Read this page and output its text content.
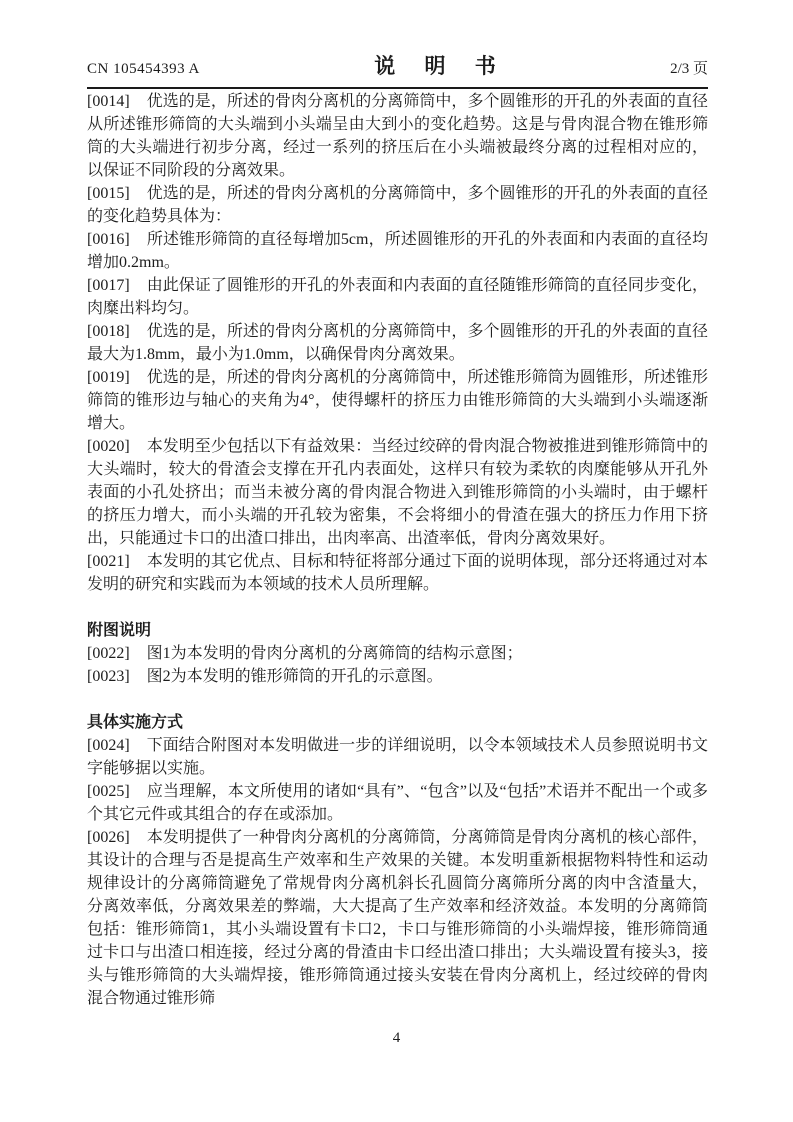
CN 105454393 A	说 明 书	2/3 页

[0014] 优选的是，所述的骨肉分离机的分离筛筒中，多个圆锥形的开孔的外表面的直径从所述锥形筛筒的大头端到小头端呈由大到小的变化趋势。这是与骨肉混合物在锥形筛筒的大头端进行初步分离，经过一系列的挤压后在小头端被最终分离的过程相对应的，以保证不同阶段的分离效果。

[0015] 优选的是，所述的骨肉分离机的分离筛筒中，多个圆锥形的开孔的外表面的直径的变化趋势具体为：

[0016] 所述锥形筛筒的直径每增加5cm，所述圆锥形的开孔的外表面和内表面的直径均增加0.2mm。

[0017] 由此保证了圆锥形的开孔的外表面和内表面的直径随锥形筛筒的直径同步变化，肉糜出料均匀。

[0018] 优选的是，所述的骨肉分离机的分离筛筒中，多个圆锥形的开孔的外表面的直径最大为1.8mm，最小为1.0mm，以确保骨肉分离效果。

[0019] 优选的是，所述的骨肉分离机的分离筛筒中，所述锥形筛筒为圆锥形，所述锥形筛筒的锥形边与轴心的夹角为4°，使得螺杆的挤压力由锥形筛筒的大头端到小头端逐渐增大。

[0020] 本发明至少包括以下有益效果：当经过绞碎的骨肉混合物被推进到锥形筛筒中的大头端时，较大的骨渣会支撑在开孔内表面处，这样只有较为柔软的肉糜能够从开孔外表面的小孔处挤出；而当未被分离的骨肉混合物进入到锥形筛筒的小头端时，由于螺杆的挤压力增大，而小头端的开孔较为密集，不会将细小的骨渣在强大的挤压力作用下挤出，只能通过卡口的出渣口排出，出肉率高、出渣率低，骨肉分离效果好。

[0021] 本发明的其它优点、目标和特征将部分通过下面的说明体现，部分还将通过对本发明的研究和实践而为本领域的技术人员所理解。

附图说明

[0022] 图1为本发明的骨肉分离机的分离筛筒的结构示意图；

[0023] 图2为本发明的锥形筛筒的开孔的示意图。

具体实施方式

[0024] 下面结合附图对本发明做进一步的详细说明，以令本领域技术人员参照说明书文字能够据以实施。

[0025] 应当理解，本文所使用的诸如“具有”、“包含”以及“包括”术语并不配出一个或多个其它元件或其组合的存在或添加。

[0026] 本发明提供了一种骨肉分离机的分离筛筒，分离筛筒是骨肉分离机的核心部件，其设计的合理与否是提高生产效率和生产效果的关键。本发明重新根据物料特性和运动规律设计的分离筛筒避免了常规骨肉分离机斜长孔圆筒分离筛所分离的肉中含渣量大，分离效率低，分离效果差的弊端，大大提高了生产效率和经济效益。本发明的分离筛筒包括：锥形筛筒1，其小头端设置有卡口2，卡口与锥形筛筒的小头端焊接，锥形筛筒通过卡口与出渣口相连接，经过分离的骨渣由卡口经出渣口排出；大头端设置有接头3，接头与锥形筛筒的大头端焊接，锥形筛筒通过接头安装在骨肉分离机上，经过绞碎的骨肉混合物通过锥形筛

4
